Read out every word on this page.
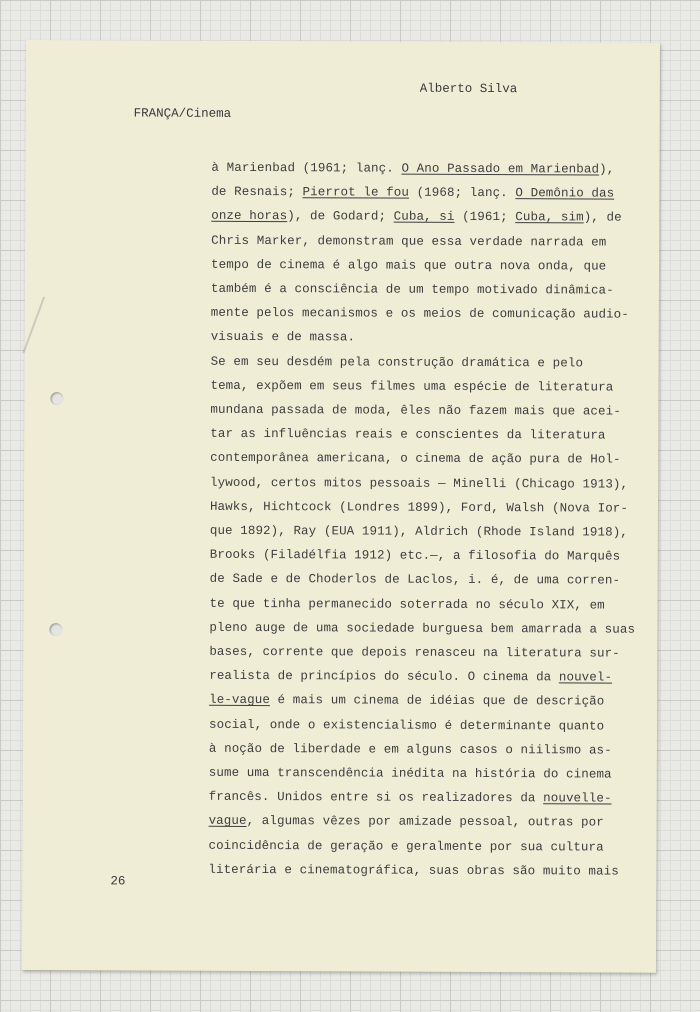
Alberto Silva
FRANÇA/Cinema
à Marienbad (1961; lanç. O Ano Passado em Marienbad),
de Resnais; Pierrot le fou (1968; lanç. O Demônio das
onze horas), de Godard; Cuba, si (1961; Cuba, sim), de
Chris Marker, demonstram que essa verdade narrada em
tempo de cinema é algo mais que outra nova onda, que
também é a consciência de um tempo motivado dinâmica-
mente pelos mecanismos e os meios de comunicação audio-
visuais e de massa.
Se em seu desdém pela construção dramática e pelo
tema, expõem em seus filmes uma espécie de literatura
mundana passada de moda, êles não fazem mais que acei-
tar as influências reais e conscientes da literatura
contemporânea americana, o cinema de ação pura de Hol-
lywood, certos mitos pessoais — Minelli (Chicago 1913),
Hawks, Hichtcock (Londres 1899), Ford, Walsh (Nova Ior-
que 1892), Ray (EUA 1911), Aldrich (Rhode Island 1918),
Brooks (Filadélfia 1912) etc.—, a filosofia do Marquês
de Sade e de Choderlos de Laclos, i. é, de uma corren-
te que tinha permanecido soterrada no século XIX, em
pleno auge de uma sociedade burguesa bem amarrada a suas
bases, corrente que depois renasceu na literatura sur-
realista de princípios do século. O cinema da nouvel-
le-vague é mais um cinema de idéias que de descrição
social, onde o existencialismo é determinante quanto
à noção de liberdade e em alguns casos o niilismo as-
sume uma transcendência inédita na história do cinema
francês. Unidos entre si os realizadores da nouvelle-
vague, algumas vêzes por amizade pessoal, outras por
coincidência de geração e geralmente por sua cultura
literária e cinematográfica, suas obras são muito mais
26
